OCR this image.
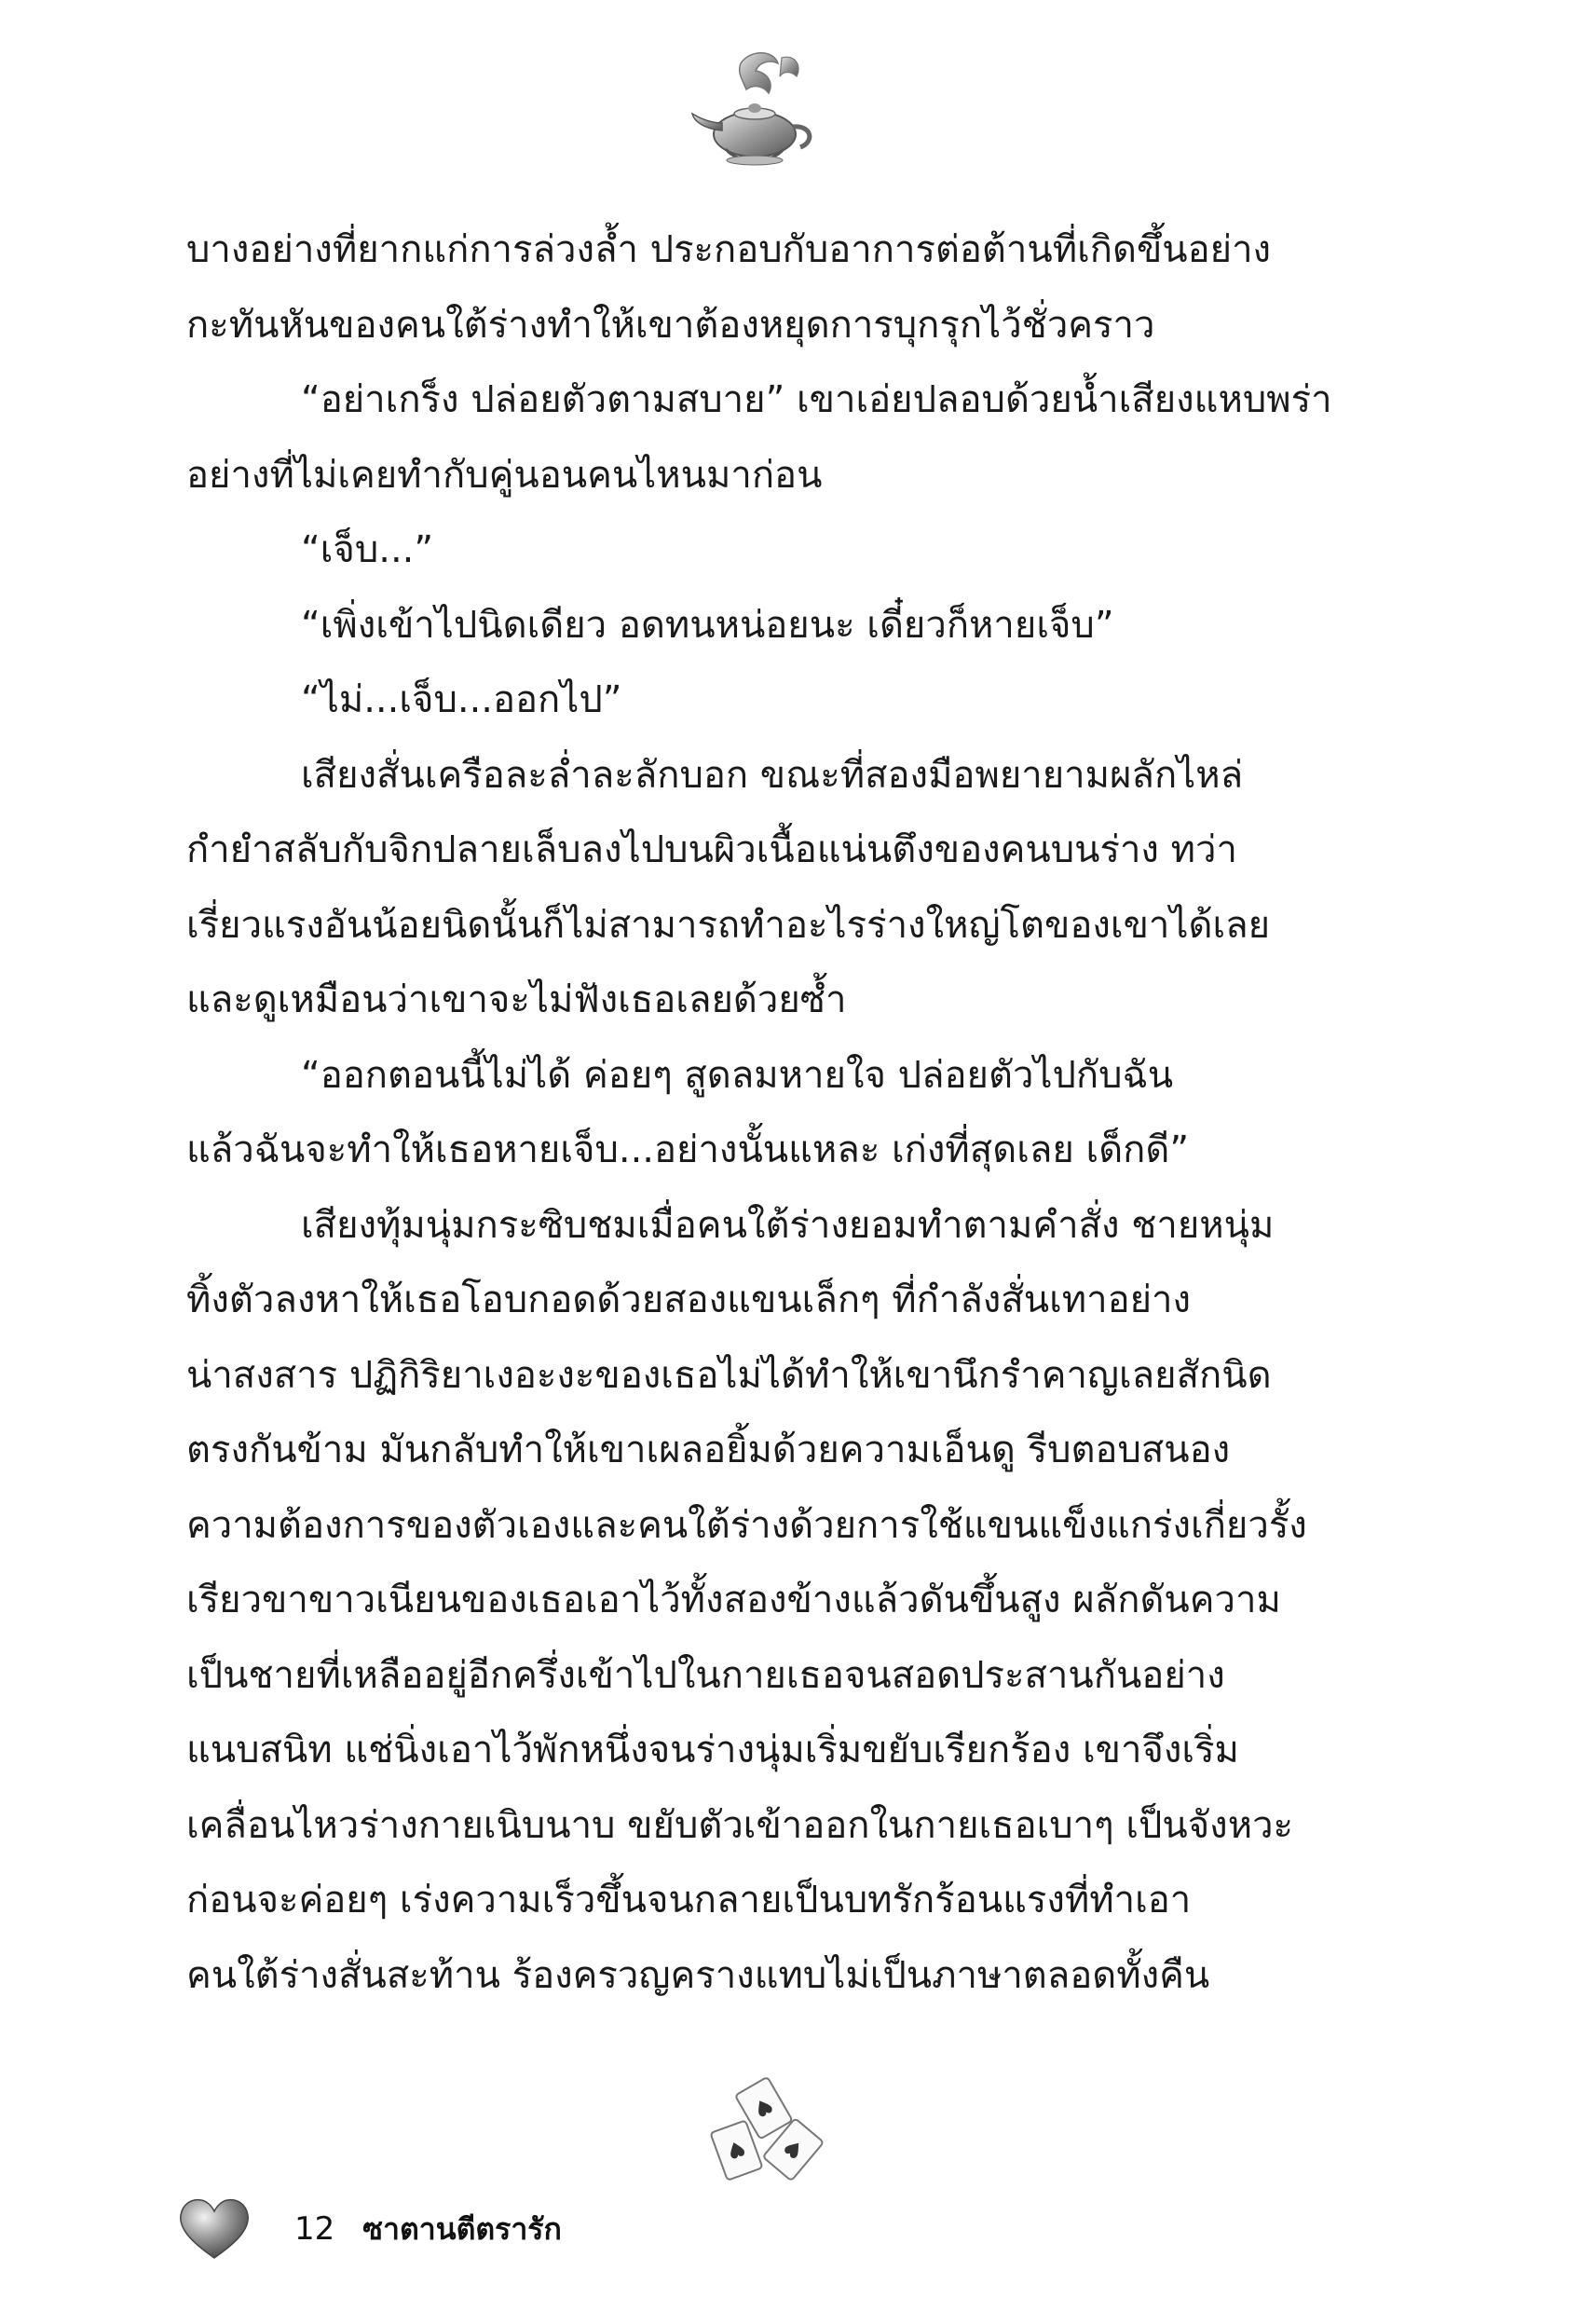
บางอย่างที่ยากแก่การล่วงล้ำ ประกอบกับอาการต่อต้านที่เกิดขึ้นอย่าง

กะทันหันของคนใต้ร่างทำให้เขาต้องหยุดการบุกรุกไว้ชั่วคราว

“อย่าเกร็ง ปล่อยตัวตามสบาย” เขาเอ่ยปลอบด้วยน้ำเสียงแหบพร่า

อย่างที่ไม่เคยทำกับคู่นอนคนไหนมาก่อน

“เจ็บ...”

“เพิ่งเข้าไปนิดเดียว อดทนหน่อยนะ เดี๋ยวก็หายเจ็บ”

“ไม่...เจ็บ...ออกไป”

เสียงสั่นเครือละล่ำละลักบอก ขณะที่สองมือพยายามผลักไหล่

กำยำสลับกับจิกปลายเล็บลงไปบนผิวเนื้อแน่นตึงของคนบนร่าง ทว่า

เรี่ยวแรงอันน้อยนิดนั้นก็ไม่สามารถทำอะไรร่างใหญ่โตของเขาได้เลย

และดูเหมือนว่าเขาจะไม่ฟังเธอเลยด้วยซ้ำ

“ออกตอนนี้ไม่ได้ ค่อยๆ สูดลมหายใจ ปล่อยตัวไปกับฉัน

แล้วฉันจะทำให้เธอหายเจ็บ...อย่างนั้นแหละ เก่งที่สุดเลย เด็กดี”

เสียงทุ้มนุ่มกระซิบชมเมื่อคนใต้ร่างยอมทำตามคำสั่ง ชายหนุ่ม

ทิ้งตัวลงหาให้เธอโอบกอดด้วยสองแขนเล็กๆ ที่กำลังสั่นเทาอย่าง

น่าสงสาร ปฏิกิริยาเงอะงะของเธอไม่ได้ทำให้เขานึกรำคาญเลยสักนิด

ตรงกันข้าม มันกลับทำให้เขาเผลอยิ้มด้วยความเอ็นดู รีบตอบสนอง

ความต้องการของตัวเองและคนใต้ร่างด้วยการใช้แขนแข็งแกร่งเกี่ยวรั้ง

เรียวขาขาวเนียนของเธอเอาไว้ทั้งสองข้างแล้วดันขึ้นสูง ผลักดันความ

เป็นชายที่เหลืออยู่อีกครึ่งเข้าไปในกายเธอจนสอดประสานกันอย่าง

แนบสนิท แช่นิ่งเอาไว้พักหนึ่งจนร่างนุ่มเริ่มขยับเรียกร้อง เขาจึงเริ่ม

เคลื่อนไหวร่างกายเนิบนาบ ขยับตัวเข้าออกในกายเธอเบาๆ เป็นจังหวะ

ก่อนจะค่อยๆ เร่งความเร็วขึ้นจนกลายเป็นบทรักร้อนแรงที่ทำเอา

คนใต้ร่างสั่นสะท้าน ร้องครวญครางแทบไม่เป็นภาษาตลอดทั้งคืน

12 ซาตานตีตรารัก
